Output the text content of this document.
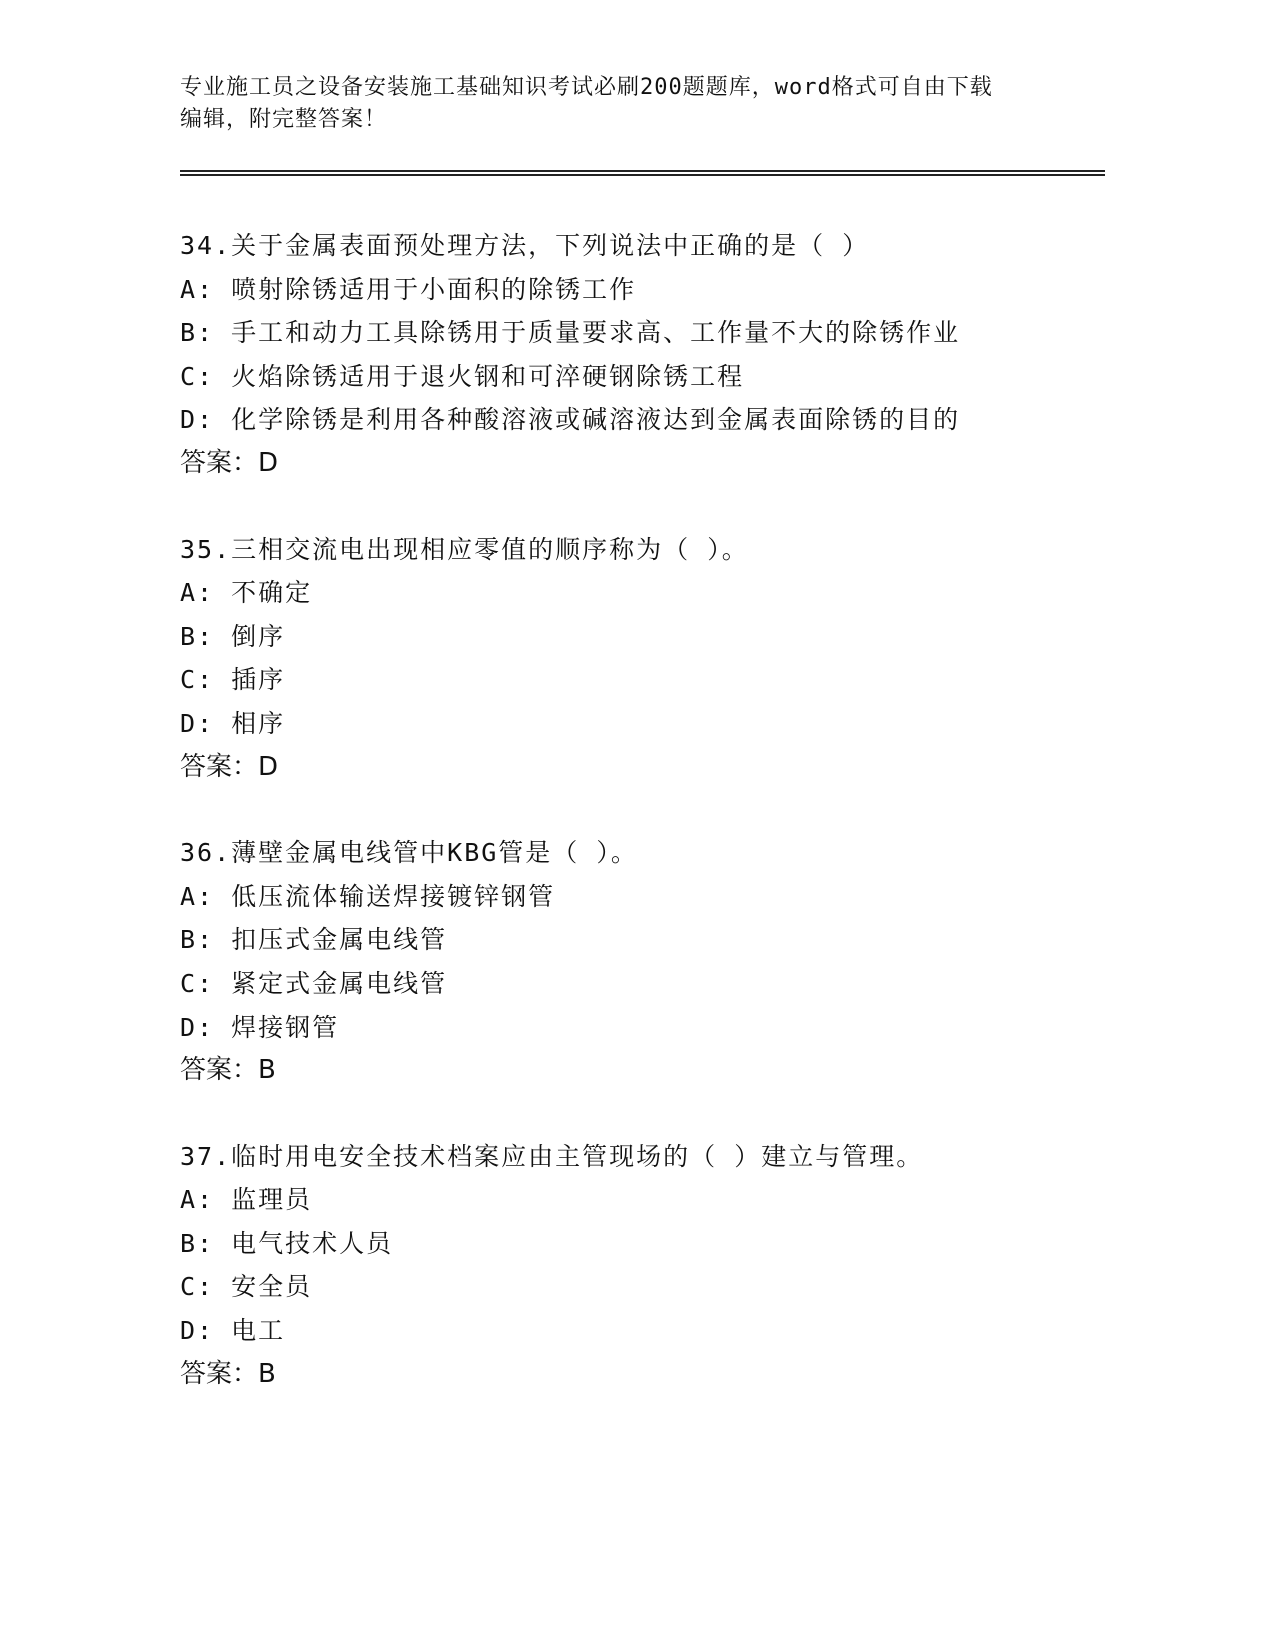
专业施工员之设备安装施工基础知识考试必刷200题题库，word格式可自由下载
编辑，附完整答案！
34.关于金属表面预处理方法，下列说法中正确的是（ ）
A: 喷射除锈适用于小面积的除锈工作
B: 手工和动力工具除锈用于质量要求高、工作量不大的除锈作业
C: 火焰除锈适用于退火钢和可淬硬钢除锈工程
D: 化学除锈是利用各种酸溶液或碱溶液达到金属表面除锈的目的
答案：D
35.三相交流电出现相应零值的顺序称为（ ）。
A: 不确定
B: 倒序
C: 插序
D: 相序
答案：D
36.薄壁金属电线管中KBG管是（ ）。
A: 低压流体输送焊接镀锌钢管
B: 扣压式金属电线管
C: 紧定式金属电线管
D: 焊接钢管
答案：B
37.临时用电安全技术档案应由主管现场的（ ）建立与管理。
A: 监理员
B: 电气技术人员
C: 安全员
D: 电工
答案：B
